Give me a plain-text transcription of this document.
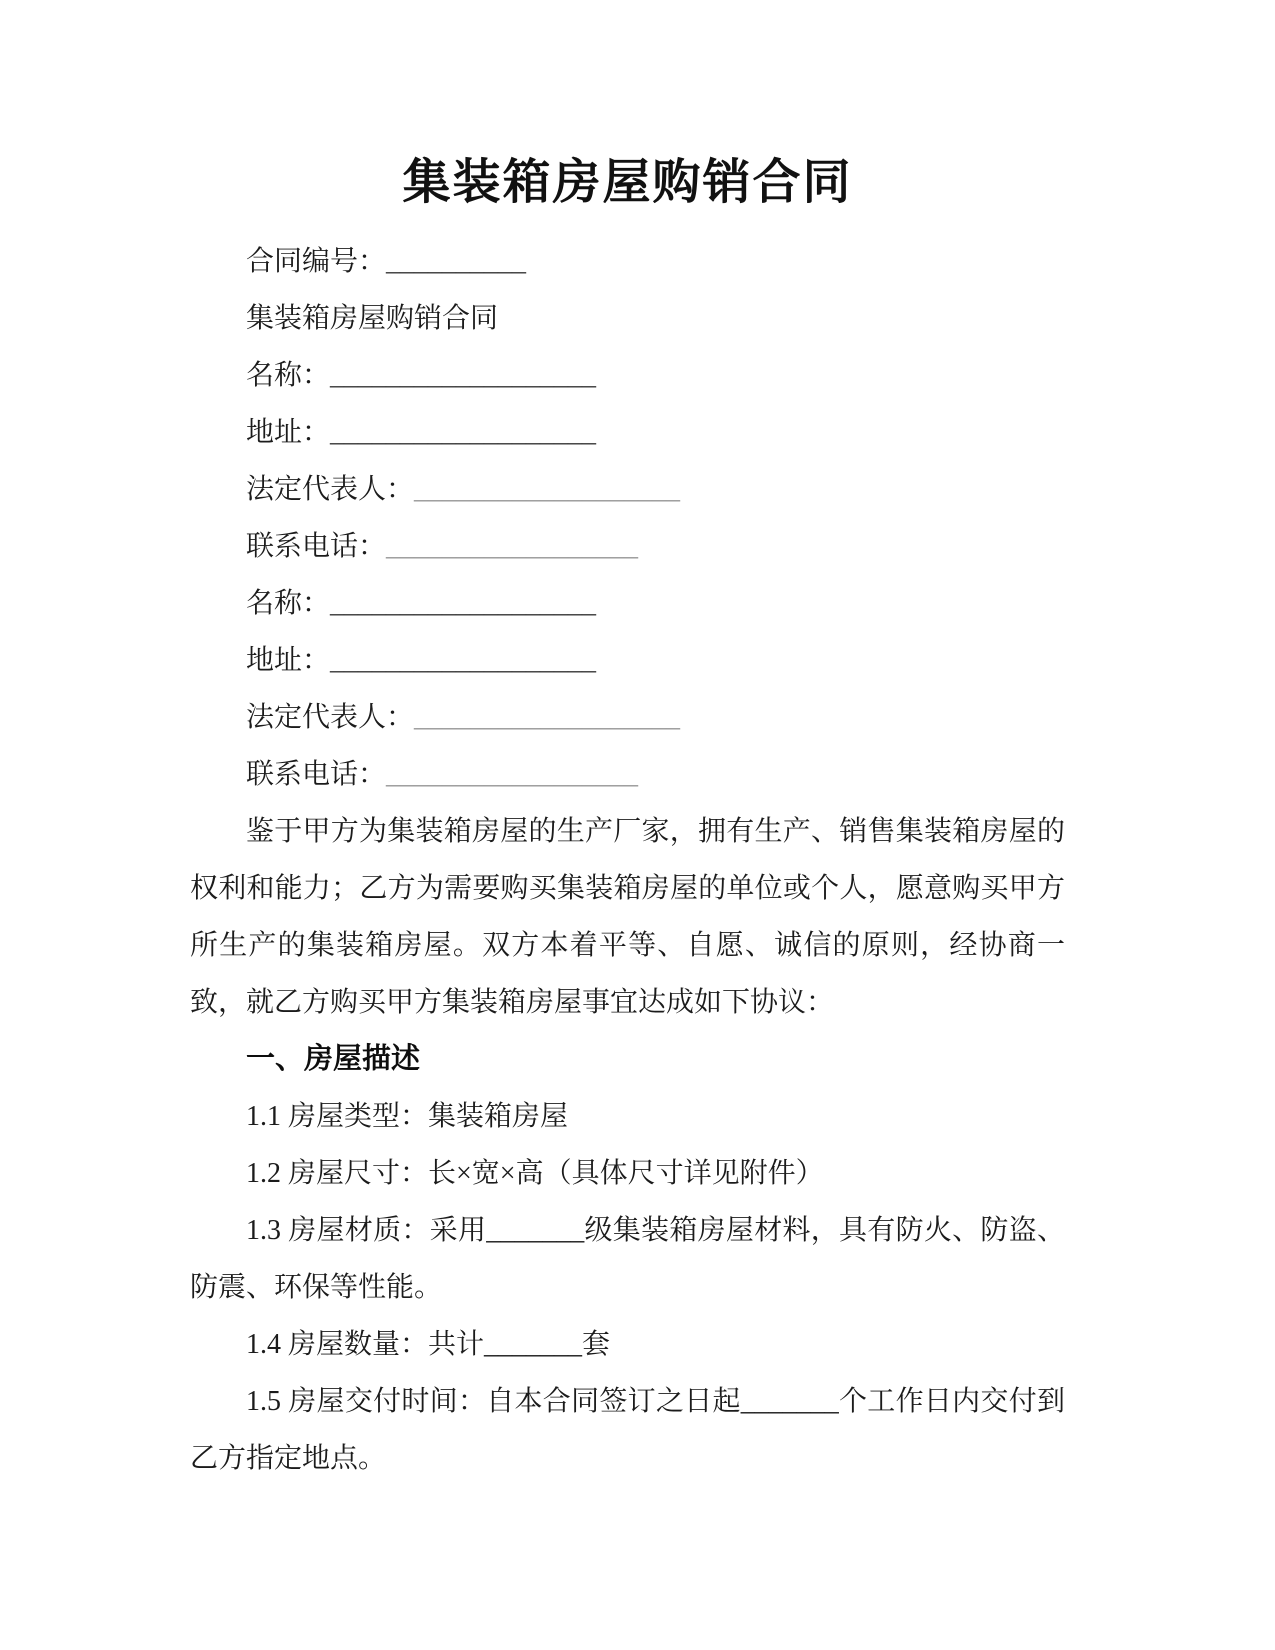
集装箱房屋购销合同

合同编号：__________

集装箱房屋购销合同

名称：___________________

地址：___________________

法定代表人：___________________

联系电话：__________________

名称：___________________

地址：___________________

法定代表人：___________________

联系电话：__________________

鉴于甲方为集装箱房屋的生产厂家，拥有生产、销售集装箱房屋的权利和能力；乙方为需要购买集装箱房屋的单位或个人，愿意购买甲方所生产的集装箱房屋。双方本着平等、自愿、诚信的原则，经协商一致，就乙方购买甲方集装箱房屋事宜达成如下协议：

一、房屋描述

1.1 房屋类型：集装箱房屋

1.2 房屋尺寸：长×宽×高（具体尺寸详见附件）

1.3 房屋材质：采用_______级集装箱房屋材料，具有防火、防盗、防震、环保等性能。

1.4 房屋数量：共计_______套

1.5 房屋交付时间：自本合同签订之日起_______个工作日内交付到乙方指定地点。
